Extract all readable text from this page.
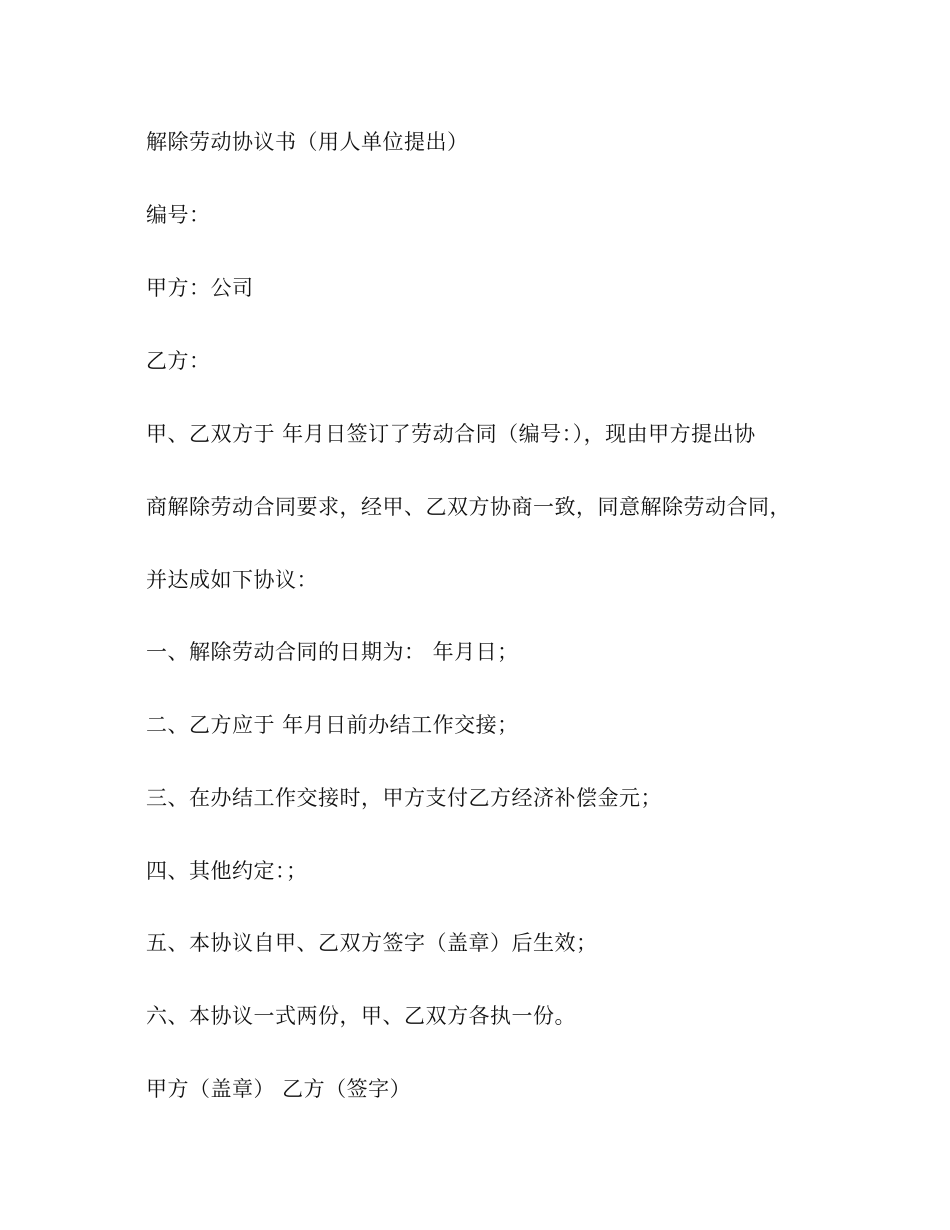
解除劳动协议书（用人单位提出）
编号：
甲方：公司
乙方：
甲、乙双方于 年月日签订了劳动合同（编号：），现由甲方提出协
商解除劳动合同要求，经甲、乙双方协商一致，同意解除劳动合同，
并达成如下协议：
一、解除劳动合同的日期为： 年月日；
二、乙方应于 年月日前办结工作交接；
三、在办结工作交接时，甲方支付乙方经济补偿金元；
四、其他约定：；
五、本协议自甲、乙双方签字（盖章）后生效；
六、本协议一式两份，甲、乙双方各执一份。
甲方（盖章） 乙方（签字）
